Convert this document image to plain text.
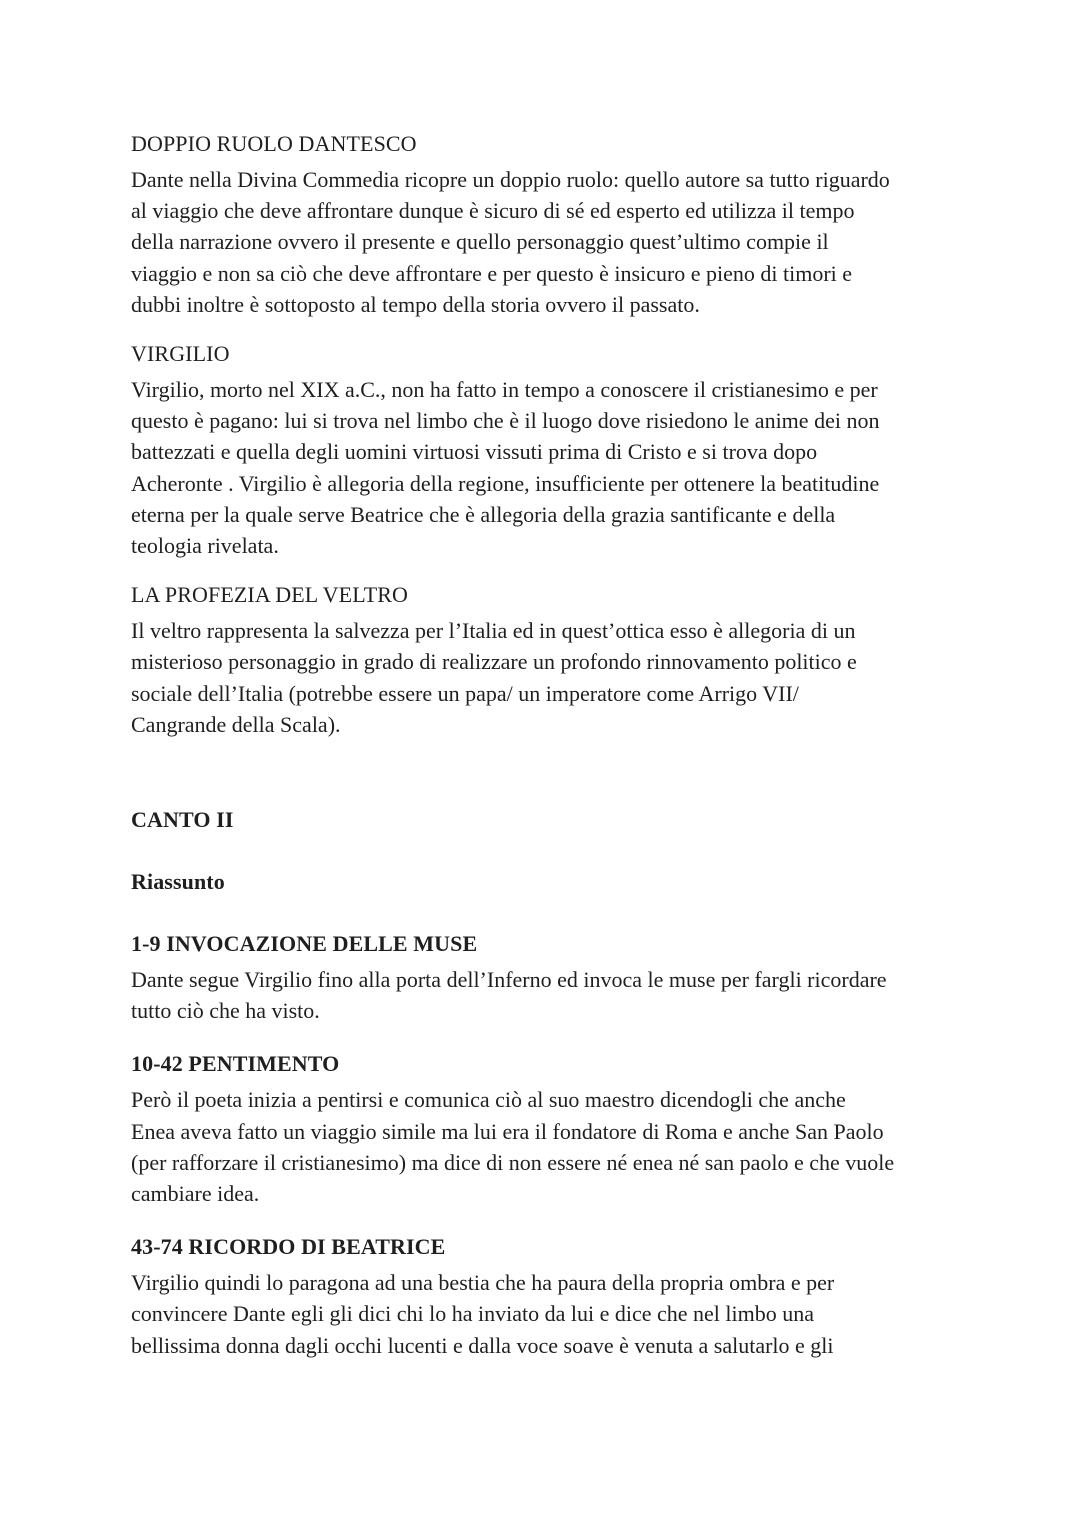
DOPPIO RUOLO DANTESCO

Dante nella Divina Commedia ricopre un doppio ruolo: quello autore sa tutto riguardo
al viaggio che deve affrontare dunque è sicuro di sé ed esperto ed utilizza il tempo
della narrazione ovvero il presente e quello personaggio quest’ultimo compie il
viaggio e non sa ciò che deve affrontare e per questo è insicuro e pieno di timori e
dubbi inoltre è sottoposto al tempo della storia ovvero il passato.

VIRGILIO

Virgilio, morto nel XIX a.C., non ha fatto in tempo a conoscere il cristianesimo e per
questo è pagano: lui si trova nel limbo che è il luogo dove risiedono le anime dei non
battezzati e quella degli uomini virtuosi vissuti prima di Cristo e si trova dopo
Acheronte . Virgilio è allegoria della regione, insufficiente per ottenere la beatitudine
eterna per la quale serve Beatrice che è allegoria della grazia santificante e della
teologia rivelata.

LA PROFEZIA DEL VELTRO

Il veltro rappresenta la salvezza per l’Italia ed in quest’ottica esso è allegoria di un
misterioso personaggio in grado di realizzare un profondo rinnovamento politico e
sociale dell’Italia (potrebbe essere un papa/ un imperatore come Arrigo VII/
Cangrande della Scala).

CANTO II
Riassunto
1-9 INVOCAZIONE DELLE MUSE

Dante segue Virgilio fino alla porta dell’Inferno ed invoca le muse per fargli ricordare
tutto ciò che ha visto.

10-42 PENTIMENTO

Però il poeta inizia a pentirsi e comunica ciò al suo maestro dicendogli che anche
Enea aveva fatto un viaggio simile ma lui era il fondatore di Roma e anche San Paolo
(per rafforzare il cristianesimo) ma dice di non essere né enea né san paolo e che vuole
cambiare idea.

43-74 RICORDO DI BEATRICE

Virgilio quindi lo paragona ad una bestia che ha paura della propria ombra e per
convincere Dante egli gli dici chi lo ha inviato da lui e dice che nel limbo una
bellissima donna dagli occhi lucenti e dalla voce soave è venuta a salutarlo e gli
